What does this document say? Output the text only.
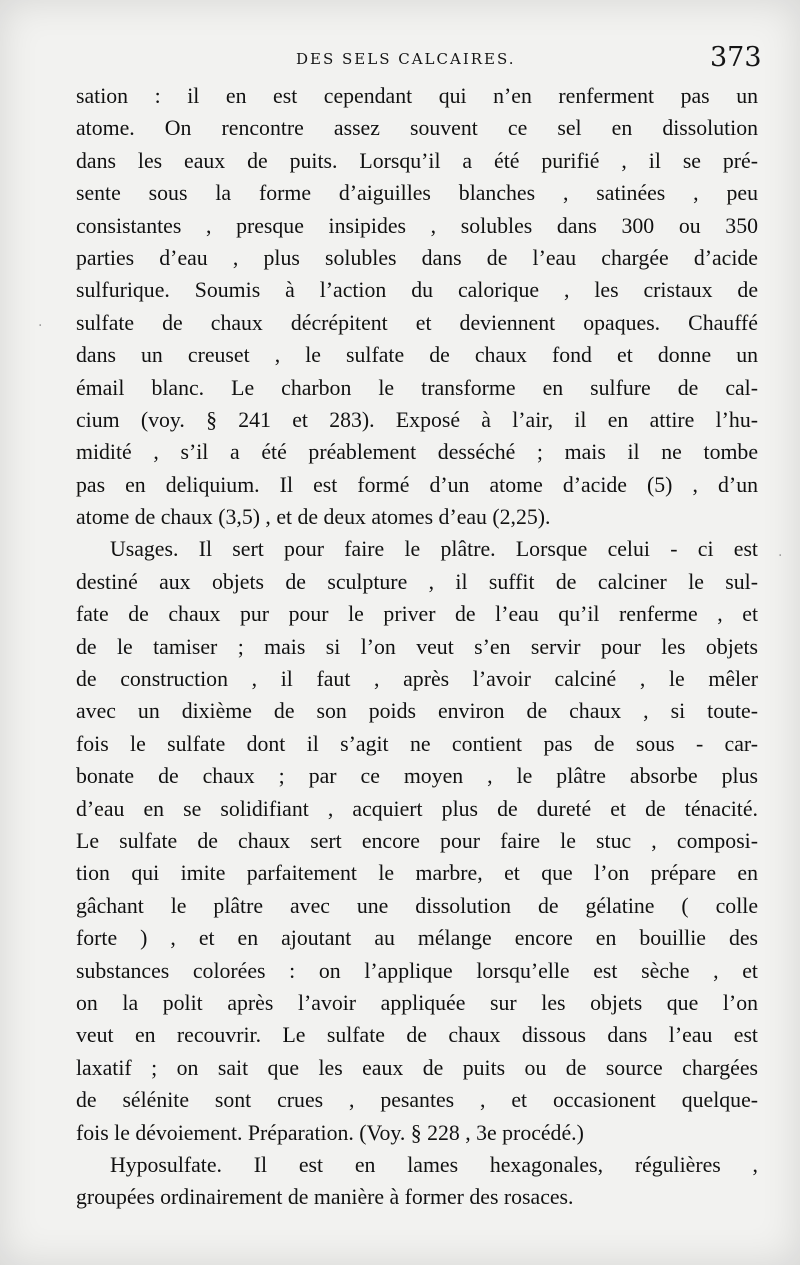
DES SELS CALCAIRES.	373
sation : il en est cependant qui n’en renferment pas un
atome. On rencontre assez souvent ce sel en dissolution
dans les eaux de puits. Lorsqu’il a été purifié , il se pré-
sente sous la forme d’aiguilles blanches , satinées , peu
consistantes , presque insipides , solubles dans 300 ou 350
parties d’eau , plus solubles dans de l’eau chargée d’acide
sulfurique. Soumis à l’action du calorique , les cristaux de
sulfate de chaux décrépitent et deviennent opaques. Chauffé
dans un creuset , le sulfate de chaux fond et donne un
émail blanc. Le charbon le transforme en sulfure de cal-
cium (voy. § 241 et 283). Exposé à l’air, il en attire l’hu-
midité , s’il a été préablement desséché ; mais il ne tombe
pas en deliquium. Il est formé d’un atome d’acide (5) , d’un
atome de chaux (3,5) , et de deux atomes d’eau (2,25).
Usages. Il sert pour faire le plâtre. Lorsque celui - ci est
destiné aux objets de sculpture , il suffit de calciner le sul-
fate de chaux pur pour le priver de l’eau qu’il renferme , et
de le tamiser ; mais si l’on veut s’en servir pour les objets
de construction , il faut , après l’avoir calciné , le mêler
avec un dixième de son poids environ de chaux , si toute-
fois le sulfate dont il s’agit ne contient pas de sous - car-
bonate de chaux ; par ce moyen , le plâtre absorbe plus
d’eau en se solidifiant , acquiert plus de dureté et de ténacité.
Le sulfate de chaux sert encore pour faire le stuc , composi-
tion qui imite parfaitement le marbre, et que l’on prépare en
gâchant le plâtre avec une dissolution de gélatine ( colle
forte ) , et en ajoutant au mélange encore en bouillie des
substances colorées : on l’applique lorsqu’elle est sèche , et
on la polit après l’avoir appliquée sur les objets que l’on
veut en recouvrir. Le sulfate de chaux dissous dans l’eau est
laxatif ; on sait que les eaux de puits ou de source chargées
de sélénite sont crues , pesantes , et occasionent quelque-
fois le dévoiement. Préparation. (Voy. § 228 , 3e procédé.)
Hyposulfate. Il est en lames hexagonales, régulières ,
groupées ordinairement de manière à former des rosaces.
·
·
